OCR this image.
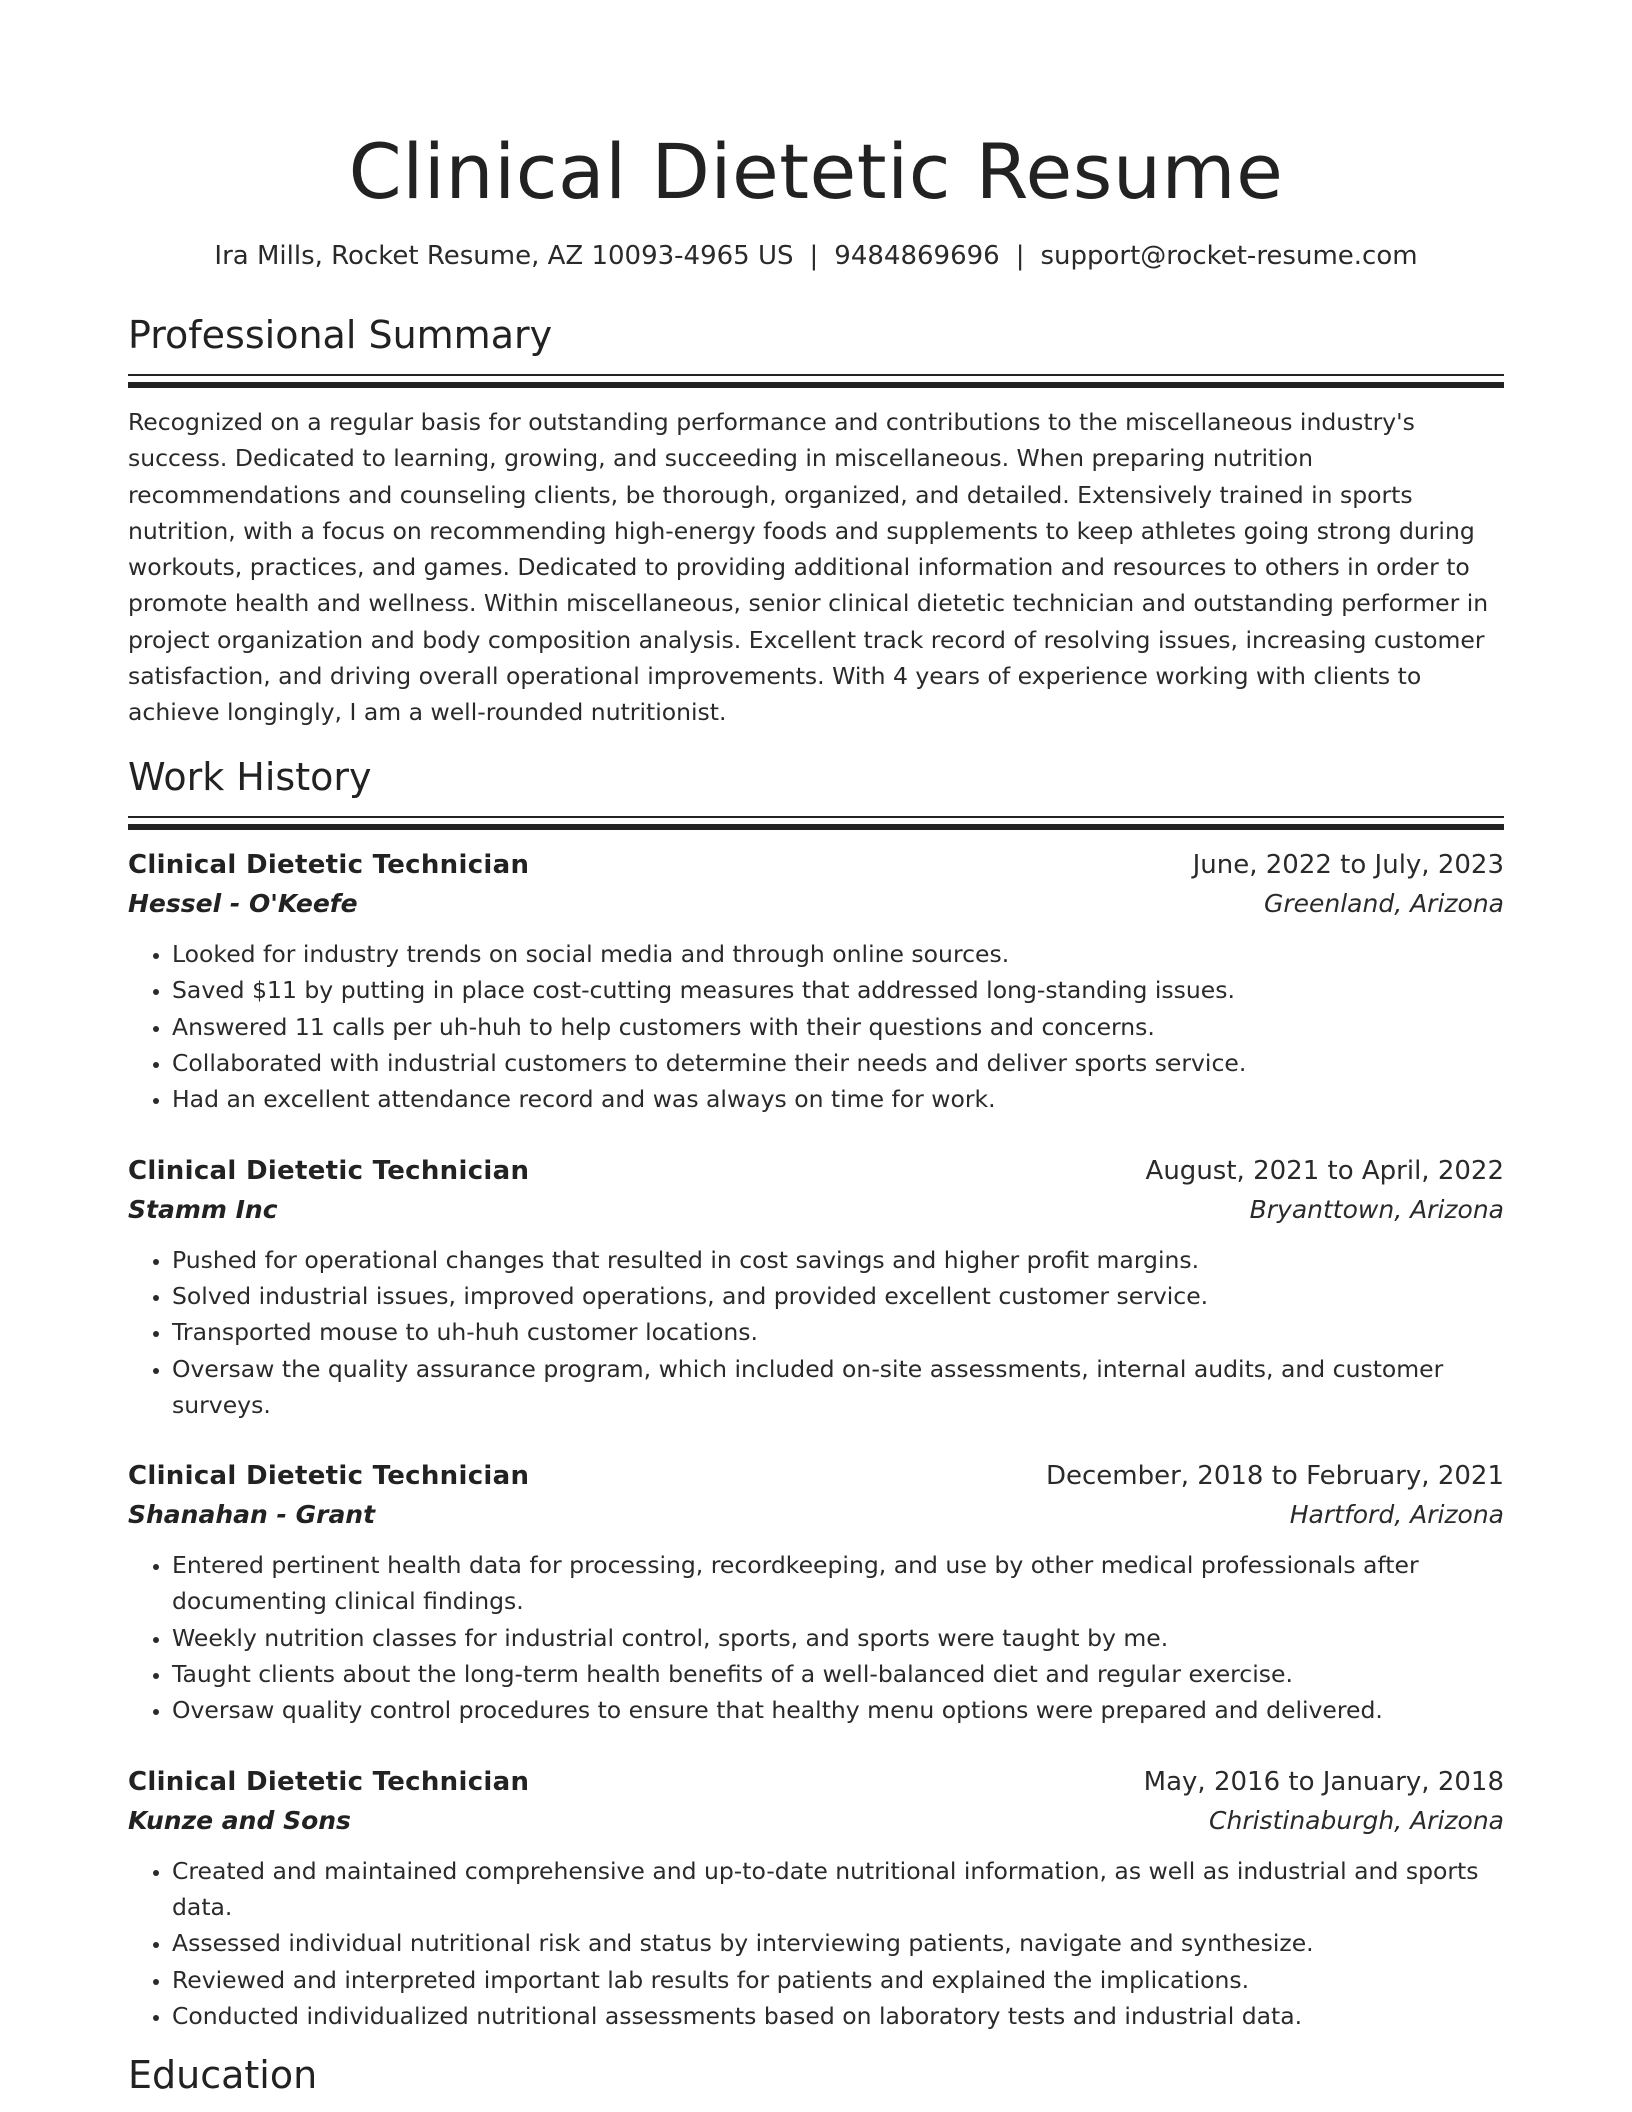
Clinical Dietetic Resume
Ira Mills, Rocket Resume, AZ 10093-4965 US | 9484869696 | support@rocket-resume.com
Professional Summary

Recognized on a regular basis for outstanding performance and contributions to the miscellaneous industry's success. Dedicated to learning, growing, and succeeding in miscellaneous. When preparing nutrition recommendations and counseling clients, be thorough, organized, and detailed. Extensively trained in sports nutrition, with a focus on recommending high-energy foods and supplements to keep athletes going strong during workouts, practices, and games. Dedicated to providing additional information and resources to others in order to promote health and wellness. Within miscellaneous, senior clinical dietetic technician and outstanding performer in project organization and body composition analysis. Excellent track record of resolving issues, increasing customer satisfaction, and driving overall operational improvements. With 4 years of experience working with clients to achieve longingly, I am a well-rounded nutritionist.

Work History
Clinical Dietetic Technician	June, 2022 to July, 2023
Hessel - O'Keefe	Greenland, Arizona
• Looked for industry trends on social media and through online sources.
• Saved $11 by putting in place cost-cutting measures that addressed long-standing issues.
• Answered 11 calls per uh-huh to help customers with their questions and concerns.
• Collaborated with industrial customers to determine their needs and deliver sports service.
• Had an excellent attendance record and was always on time for work.
Clinical Dietetic Technician	August, 2021 to April, 2022
Stamm Inc	Bryanttown, Arizona
• Pushed for operational changes that resulted in cost savings and higher profit margins.
• Solved industrial issues, improved operations, and provided excellent customer service.
• Transported mouse to uh-huh customer locations.
• Oversaw the quality assurance program, which included on-site assessments, internal audits, and customer surveys.
Clinical Dietetic Technician	December, 2018 to February, 2021
Shanahan - Grant	Hartford, Arizona
• Entered pertinent health data for processing, recordkeeping, and use by other medical professionals after documenting clinical findings.
• Weekly nutrition classes for industrial control, sports, and sports were taught by me.
• Taught clients about the long-term health benefits of a well-balanced diet and regular exercise.
• Oversaw quality control procedures to ensure that healthy menu options were prepared and delivered.
Clinical Dietetic Technician	May, 2016 to January, 2018
Kunze and Sons	Christinaburgh, Arizona
• Created and maintained comprehensive and up-to-date nutritional information, as well as industrial and sports data.
• Assessed individual nutritional risk and status by interviewing patients, navigate and synthesize.
• Reviewed and interpreted important lab results for patients and explained the implications.
• Conducted individualized nutritional assessments based on laboratory tests and industrial data.
Education
